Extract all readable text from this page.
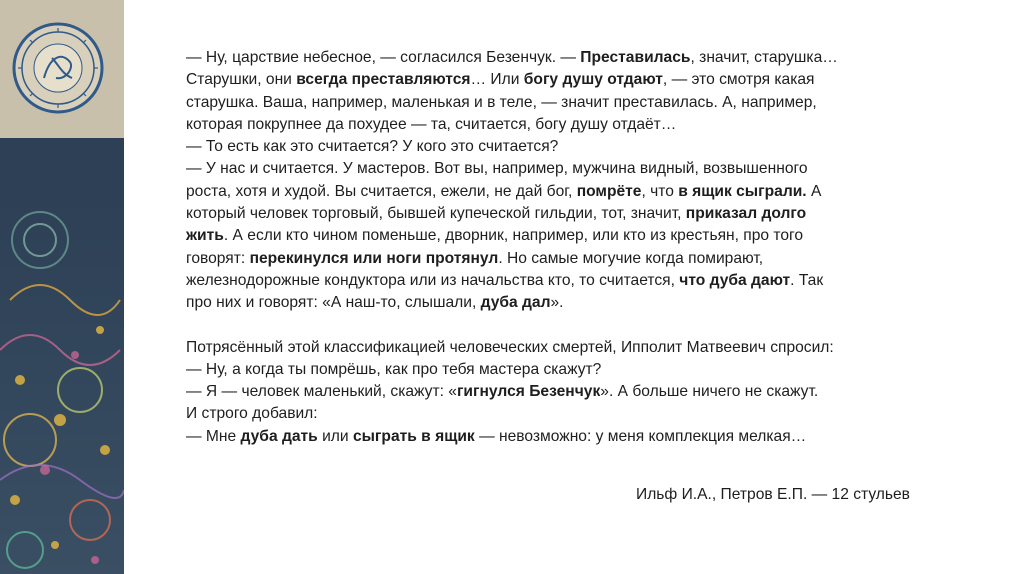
— Ну, царствие небесное, — согласился Безенчук. — Преставилась, значит, старушка…

Старушки, они всегда преставляются… Или богу душу отдают, — это смотря какая

старушка. Ваша, например, маленькая и в теле, — значит преставилась. А, например,

которая покрупнее да похудее — та, считается, богу душу отдаёт…

— То есть как это считается? У кого это считается?

— У нас и считается. У мастеров. Вот вы, например, мужчина видный, возвышенного

роста, хотя и худой. Вы считается, ежели, не дай бог, помрёте, что в ящик сыграли. А

который человек торговый, бывшей купеческой гильдии, тот, значит, приказал долго

жить. А если кто чином поменьше, дворник, например, или кто из крестьян, про того

говорят: перекинулся или ноги протянул. Но самые могучие когда помирают,

железнодорожные кондуктора или из начальства кто, то считается, что дуба дают. Так

про них и говорят: «А наш-то, слышали, дуба дал».

Потрясённый этой классификацией человеческих смертей, Ипполит Матвеевич спросил:

— Ну, а когда ты помрёшь, как про тебя мастера скажут?

— Я — человек маленький, скажут: «гигнулся Безенчук». А больше ничего не скажут.

И строго добавил:

— Мне дуба дать или сыграть в ящик — невозможно: у меня комплекция мелкая…

Ильф И.А., Петров Е.П. — 12 стульев
